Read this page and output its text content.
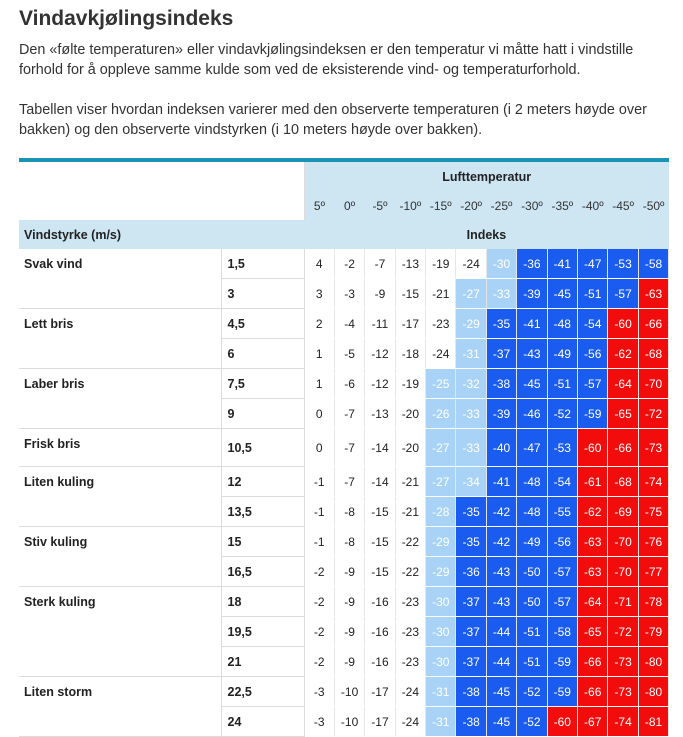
Vindavkjølingsindeks

Den «følte temperaturen» eller vindavkjølingsindeksen er den temperatur vi måtte hatt i vindstille forhold for å oppleve samme kulde som ved de eksisterende vind- og temperaturforhold.

Tabellen viser hvordan indeksen varierer med den observerte temperaturen (i 2 meters høyde over bakken) og den observerte vindstyrken (i 10 meters høyde over bakken).

		Lufttemperatur											
		5º	0º	-5º	-10º	-15º	-20º	-25º	-30º	-35º	-40º	-45º	-50º
Vindstyrke (m/s)		Indeks											
Svak vind	1,5	4	-2	-7	-13	-19	-24	-30	-36	-41	-47	-53	-58
	3	3	-3	-9	-15	-21	-27	-33	-39	-45	-51	-57	-63
Lett bris	4,5	2	-4	-11	-17	-23	-29	-35	-41	-48	-54	-60	-66
	6	1	-5	-12	-18	-24	-31	-37	-43	-49	-56	-62	-68
Laber bris	7,5	1	-6	-12	-19	-25	-32	-38	-45	-51	-57	-64	-70
	9	0	-7	-13	-20	-26	-33	-39	-46	-52	-59	-65	-72
Frisk bris	10,5	0	-7	-14	-20	-27	-33	-40	-47	-53	-60	-66	-73
Liten kuling	12	-1	-7	-14	-21	-27	-34	-41	-48	-54	-61	-68	-74
	13,5	-1	-8	-15	-21	-28	-35	-42	-48	-55	-62	-69	-75
Stiv kuling	15	-1	-8	-15	-22	-29	-35	-42	-49	-56	-63	-70	-76
	16,5	-2	-9	-15	-22	-29	-36	-43	-50	-57	-63	-70	-77
Sterk kuling	18	-2	-9	-16	-23	-30	-37	-43	-50	-57	-64	-71	-78
	19,5	-2	-9	-16	-23	-30	-37	-44	-51	-58	-65	-72	-79
	21	-2	-9	-16	-23	-30	-37	-44	-51	-59	-66	-73	-80
Liten storm	22,5	-3	-10	-17	-24	-31	-38	-45	-52	-59	-66	-73	-80
	24	-3	-10	-17	-24	-31	-38	-45	-52	-60	-67	-74	-81
